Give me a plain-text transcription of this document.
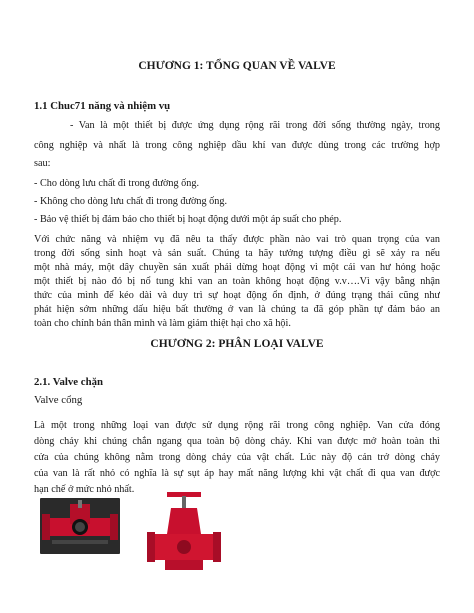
CHƯƠNG 1: TỔNG QUAN VỀ VALVE
1.1 Chuc71 năng và nhiệm vụ
- Van là một thiết bị được ứng dụng rộng rãi trong đời sống thường ngày, trong
công nghiệp và nhất là trong công nghiệp dầu khí van được dùng trong các trường hợp
sau:
- Cho dòng lưu chất đi trong đường ống.
- Không cho dòng lưu chất đi trong đường ống.
- Bảo vệ thiết bị đảm bảo cho thiết bị hoạt động dưới một áp suất cho phép.
Với chức năng và nhiệm vụ đã nêu ta thấy được phần nào vai trò quan trọng của van
trong đời sống sinh hoạt và sản suất. Chúng ta hãy tưởng tượng điều gì sẽ xảy ra nếu
một nhà máy, một dây chuyền sản xuất phải dừng hoạt động vì một cái van hư hỏng hoặc
một thiết bị nào đó bị nổ tung khi van an toàn không hoạt động v.v….Vì vậy bằng nhận
thức của mình để kéo dài và duy trì sự hoạt động ổn định, ở đúng trạng thái cũng như
phát hiện sớm những dấu hiệu bất thường ở van là chúng ta đã góp phần tự đảm bảo an
toàn cho chính bản thân mình và làm giảm thiệt hại cho xã hội.
CHƯƠNG 2: PHÂN LOẠI VALVE
2.1. Valve chặn
Valve cổng
Là một trong những loại van được sử dụng rộng rãi trong công nghiệp. Van cửa đóng
dòng chảy khi chúng chắn ngang qua toàn bộ dòng chảy. Khi van được mở hoàn toàn thì
cửa của chúng không nằm trong dòng chảy của vật chất. Lúc này độ cản trở dòng chảy
của van là rất nhỏ có nghĩa là sự sụt áp hay mất năng lượng khi vật chất đi qua van được
hạn chế ở mức nhỏ nhất.
